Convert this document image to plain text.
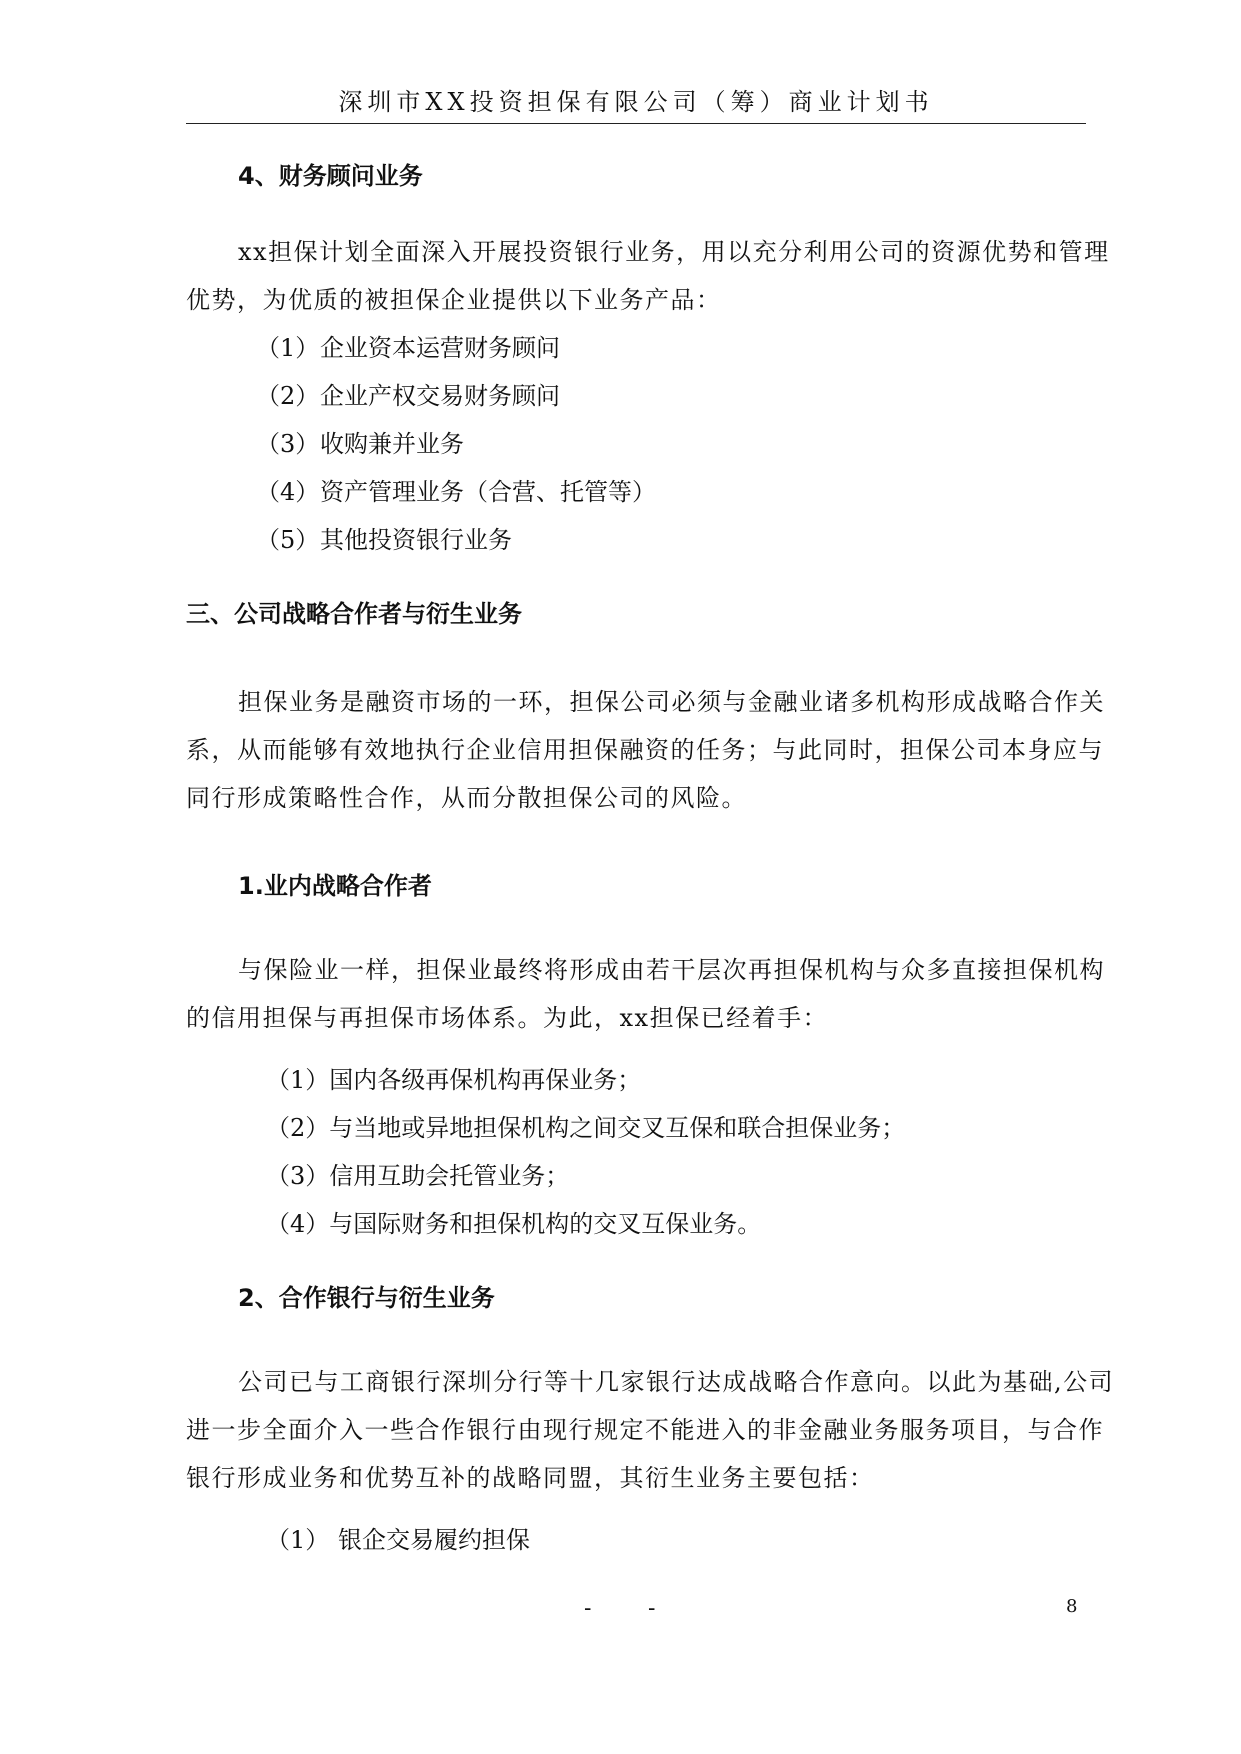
深圳市XX投资担保有限公司（筹）商业计划书
4、财务顾问业务
xx担保计划全面深入开展投资银行业务，用以充分利用公司的资源优势和管理
优势，为优质的被担保企业提供以下业务产品：
（1） 企业资本运营财务顾问
（2） 企业产权交易财务顾问
（3） 收购兼并业务
（4） 资产管理业务（合营、托管等）
（5） 其他投资银行业务
三、公司战略合作者与衍生业务
担保业务是融资市场的一环，担保公司必须与金融业诸多机构形成战略合作关
系，从而能够有效地执行企业信用担保融资的任务；与此同时，担保公司本身应与
同行形成策略性合作，从而分散担保公司的风险。
1.业内战略合作者
与保险业一样，担保业最终将形成由若干层次再担保机构与众多直接担保机构
的信用担保与再担保市场体系。为此，xx担保已经着手：
（1）国内各级再保机构再保业务；
（2）与当地或异地担保机构之间交叉互保和联合担保业务；
（3）信用互助会托管业务；
（4）与国际财务和担保机构的交叉互保业务。
2、合作银行与衍生业务
公司已与工商银行深圳分行等十几家银行达成战略合作意向。以此为基础,公司
进一步全面介入一些合作银行由现行规定不能进入的非金融业务服务项目，与合作
银行形成业务和优势互补的战略同盟，其衍生业务主要包括：
（1） 银企交易履约担保
-	-	8
